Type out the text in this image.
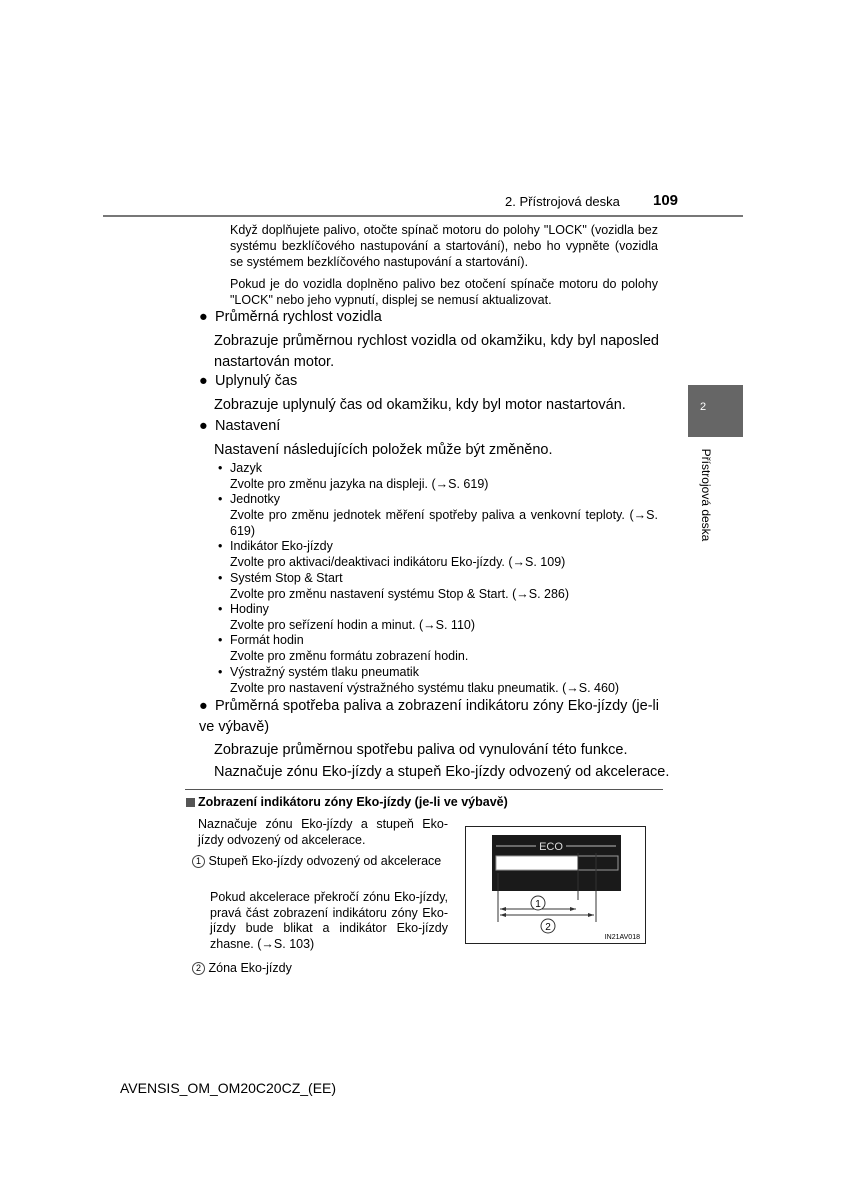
2. Přístrojová deska 109
2
Přístrojová deska
Když doplňujete palivo, otočte spínač motoru do polohy "LOCK" (vozidla bez systému bezklíčového nastupování a startování), nebo ho vypněte (vozidla se systémem bezklíčového nastupování a startování).
Pokud je do vozidla doplněno palivo bez otočení spínače motoru do polohy "LOCK" nebo jeho vypnutí, displej se nemusí aktualizovat.
● Průměrná rychlost vozidla
Zobrazuje průměrnou rychlost vozidla od okamžiku, kdy byl naposled nastartován motor.
● Uplynulý čas
Zobrazuje uplynulý čas od okamžiku, kdy byl motor nastartován.
● Nastavení
Nastavení následujících položek může být změněno.
• Jazyk
Zvolte pro změnu jazyka na displeji. (→S. 619)
• Jednotky
Zvolte pro změnu jednotek měření spotřeby paliva a venkovní teploty. (→S. 619)
• Indikátor Eko-jízdy
Zvolte pro aktivaci/deaktivaci indikátoru Eko-jízdy. (→S. 109)
• Systém Stop & Start
Zvolte pro změnu nastavení systému Stop & Start. (→S. 286)
• Hodiny
Zvolte pro seřízení hodin a minut. (→S. 110)
• Formát hodin
Zvolte pro změnu formátu zobrazení hodin.
• Výstražný systém tlaku pneumatik
Zvolte pro nastavení výstražného systému tlaku pneumatik. (→S. 460)
● Průměrná spotřeba paliva a zobrazení indikátoru zóny Eko-jízdy (je-li ve výbavě)
Zobrazuje průměrnou spotřebu paliva od vynulování této funkce.
Naznačuje zónu Eko-jízdy a stupeň Eko-jízdy odvozený od akcelerace.
Zobrazení indikátoru zóny Eko-jízdy (je-li ve výbavě)
Naznačuje zónu Eko-jízdy a stupeň Eko-jízdy odvozený od akcelerace.
1 Stupeň Eko-jízdy odvozený od akcelerace
Pokud akcelerace překročí zónu Eko-jízdy, pravá část zobrazení indikátoru zóny Eko-jízdy bude blikat a indikátor Eko-jízdy zhasne. (→S. 103)
2 Zóna Eko-jízdy
ECO
1
2
IN21AV018
AVENSIS_OM_OM20C20CZ_(EE)
